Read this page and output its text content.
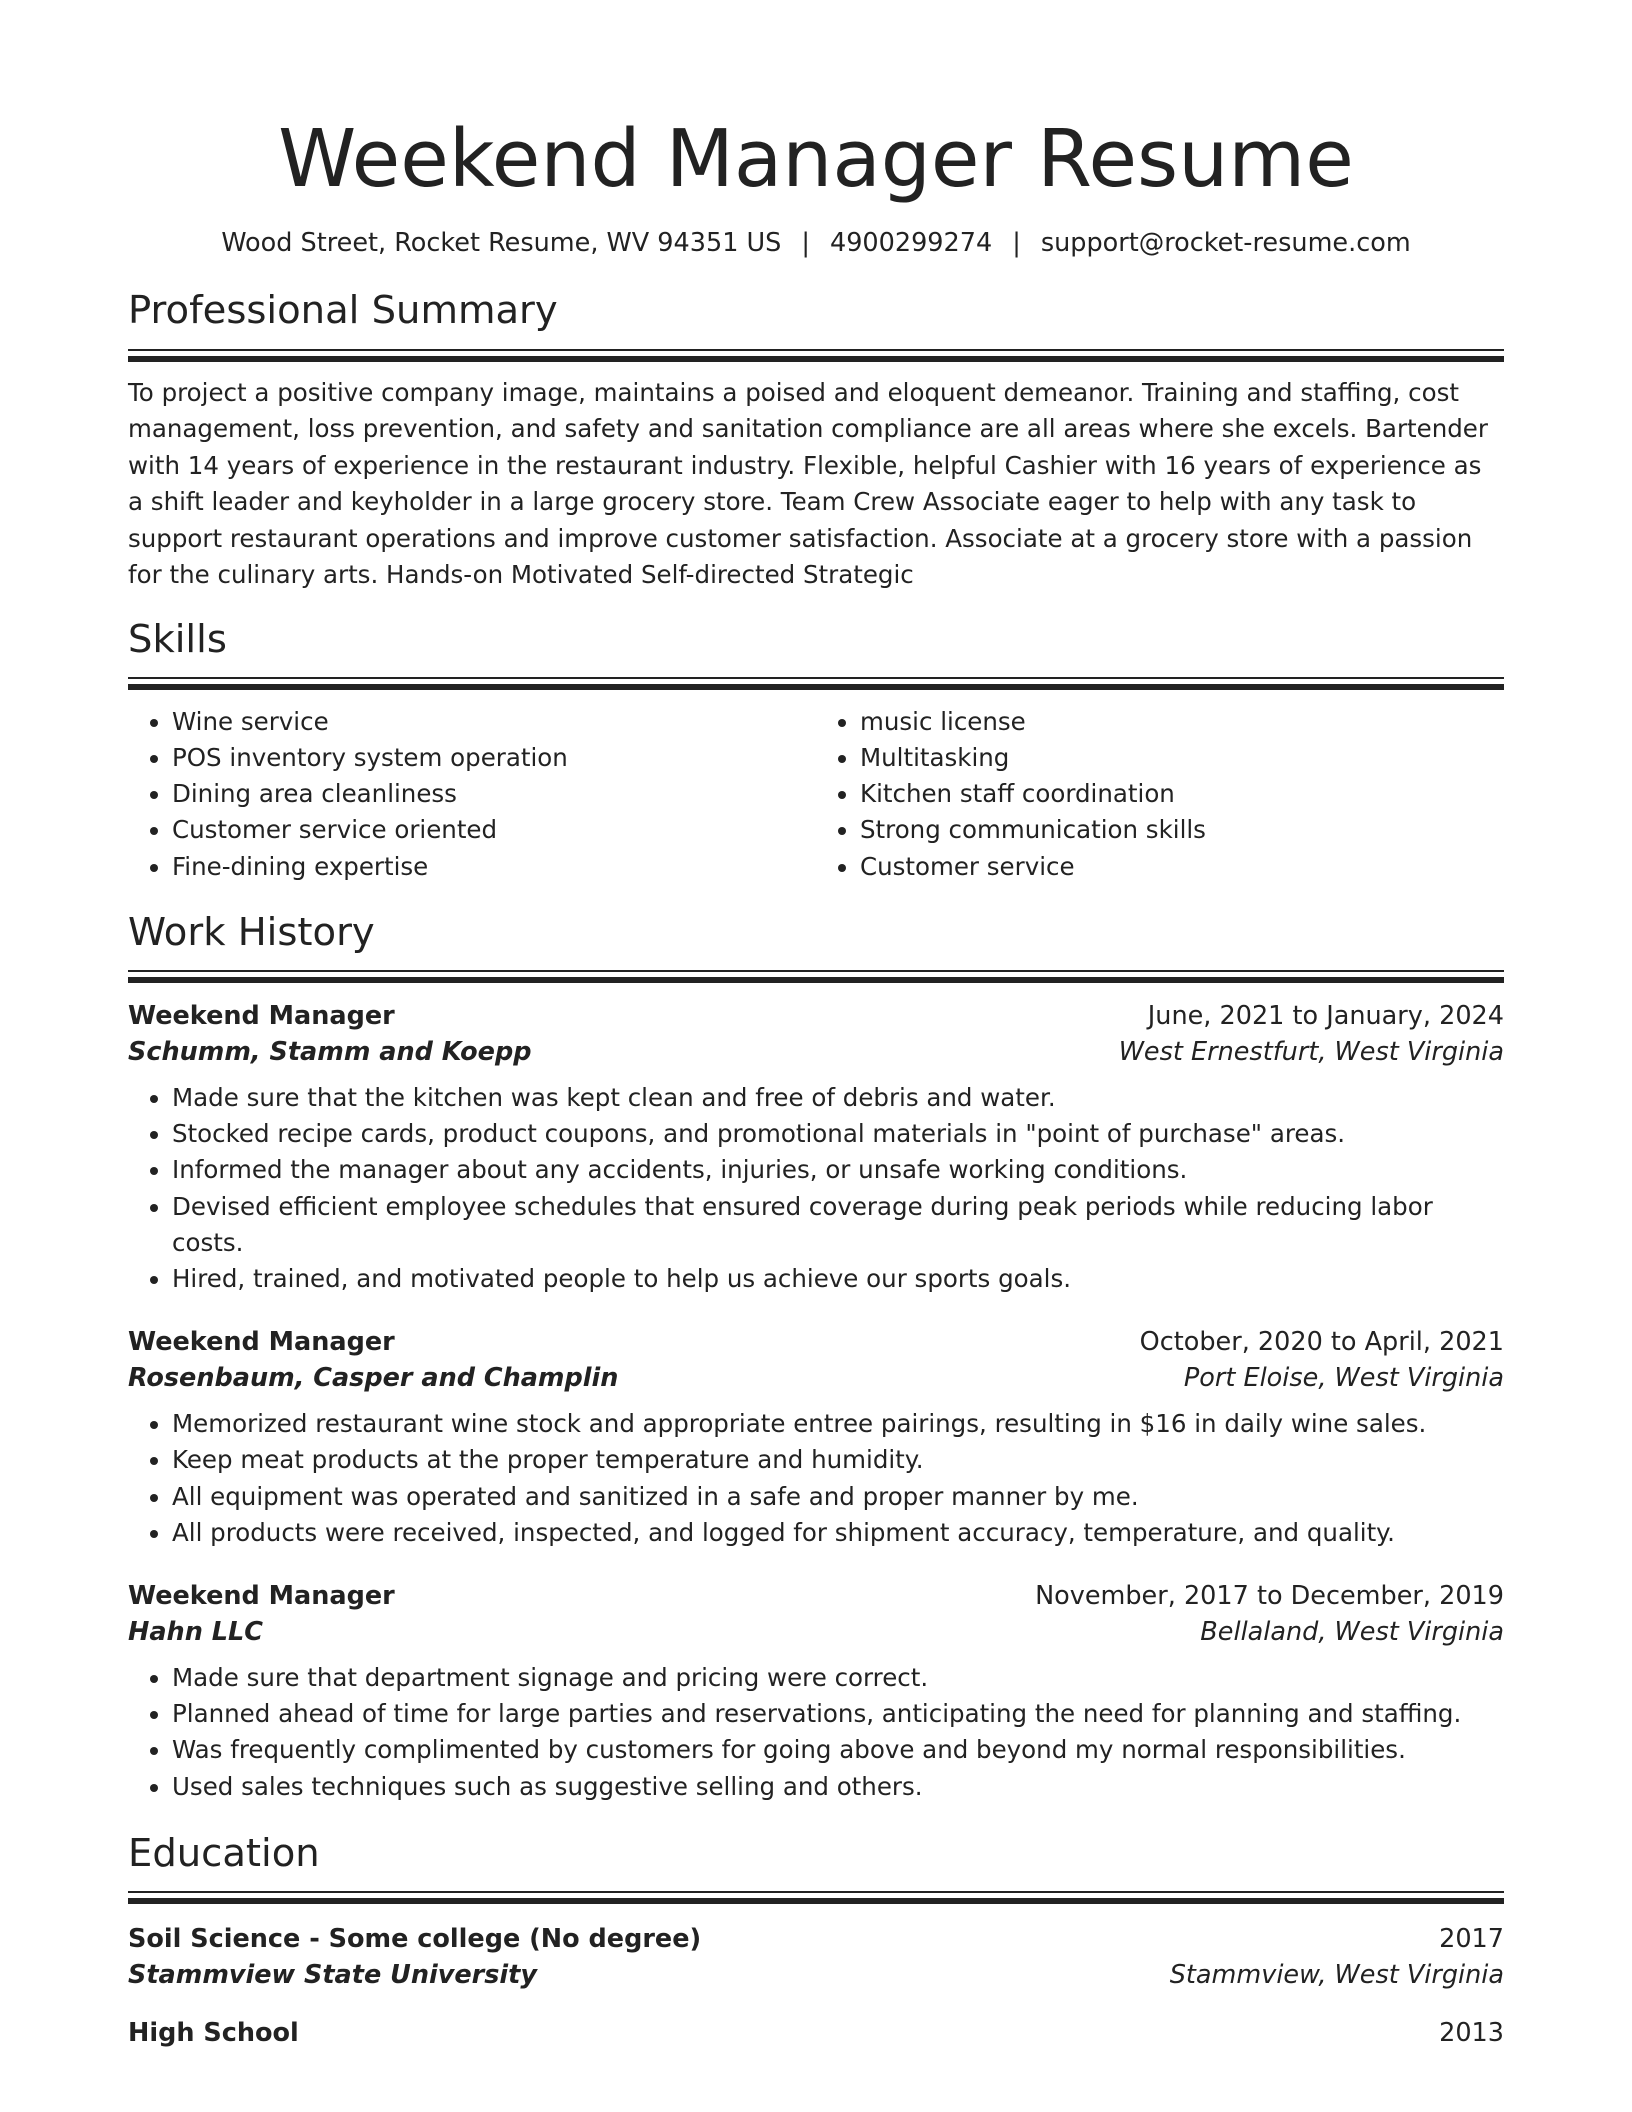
Weekend Manager Resume
Wood Street, Rocket Resume, WV 94351 US | 4900299274 | support@rocket-resume.com
Professional Summary
To project a positive company image, maintains a poised and eloquent demeanor. Training and staffing, cost management, loss prevention, and safety and sanitation compliance are all areas where she excels. Bartender with 14 years of experience in the restaurant industry. Flexible, helpful Cashier with 16 years of experience as a shift leader and keyholder in a large grocery store. Team Crew Associate eager to help with any task to support restaurant operations and improve customer satisfaction. Associate at a grocery store with a passion for the culinary arts. Hands-on Motivated Self-directed Strategic
Skills
• Wine service
• POS inventory system operation
• Dining area cleanliness
• Customer service oriented
• Fine-dining expertise
• music license
• Multitasking
• Kitchen staff coordination
• Strong communication skills
• Customer service
Work History
Weekend Manager	June, 2021 to January, 2024
Schumm, Stamm and Koepp	West Ernestfurt, West Virginia
• Made sure that the kitchen was kept clean and free of debris and water.
• Stocked recipe cards, product coupons, and promotional materials in "point of purchase" areas.
• Informed the manager about any accidents, injuries, or unsafe working conditions.
• Devised efficient employee schedules that ensured coverage during peak periods while reducing labor costs.
• Hired, trained, and motivated people to help us achieve our sports goals.
Weekend Manager	October, 2020 to April, 2021
Rosenbaum, Casper and Champlin	Port Eloise, West Virginia
• Memorized restaurant wine stock and appropriate entree pairings, resulting in $16 in daily wine sales.
• Keep meat products at the proper temperature and humidity.
• All equipment was operated and sanitized in a safe and proper manner by me.
• All products were received, inspected, and logged for shipment accuracy, temperature, and quality.
Weekend Manager	November, 2017 to December, 2019
Hahn LLC	Bellaland, West Virginia
• Made sure that department signage and pricing were correct.
• Planned ahead of time for large parties and reservations, anticipating the need for planning and staffing.
• Was frequently complimented by customers for going above and beyond my normal responsibilities.
• Used sales techniques such as suggestive selling and others.
Education
Soil Science - Some college (No degree)	2017
Stammview State University	Stammview, West Virginia
High School	2013
